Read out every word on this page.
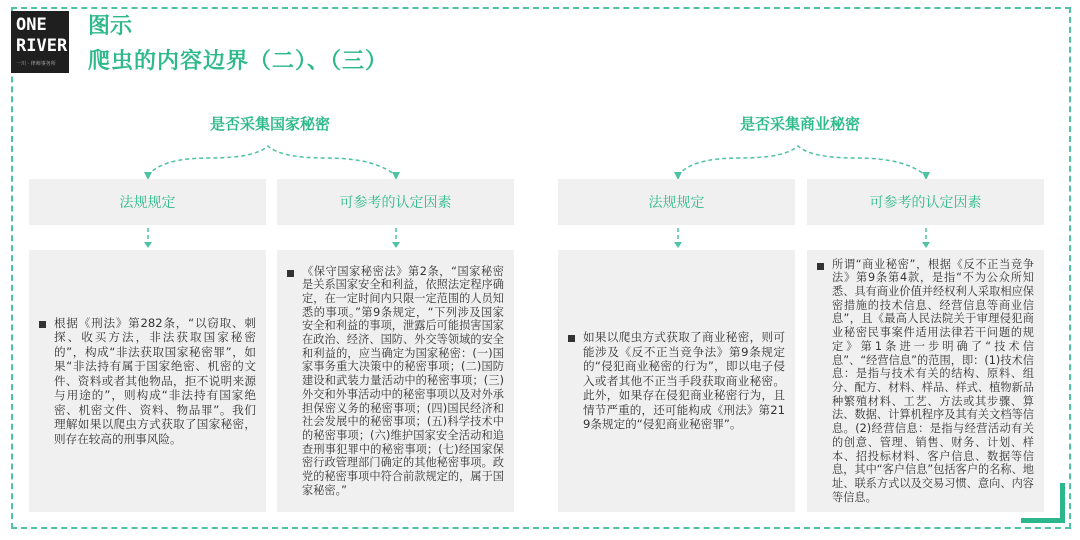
ONE
RIVER
一川 · 律师事务所
图示
爬虫的内容边界（二）、（三）
是否采集国家秘密
法规规定	可参考的认定因素
根据《刑法》第282条，“以窃取、刺探、收买方法，非法获取国家秘密的”，构成“非法获取国家秘密罪”，如果“非法持有属于国家绝密、机密的文件、资料或者其他物品，拒不说明来源与用途的”，则构成“非法持有国家绝密、机密文件、资料、物品罪”。我们理解如果以爬虫方式获取了国家秘密，则存在较高的刑事风险。
《保守国家秘密法》第2条，“国家秘密是关系国家安全和利益，依照法定程序确定，在一定时间内只限一定范围的人员知悉的事项。”第9条规定，“下列涉及国家安全和利益的事项，泄露后可能损害国家在政治、经济、国防、外交等领域的安全和利益的，应当确定为国家秘密：(一)国家事务重大决策中的秘密事项；(二)国防建设和武装力量活动中的秘密事项；(三)外交和外事活动中的秘密事项以及对外承担保密义务的秘密事项；(四)国民经济和社会发展中的秘密事项；(五)科学技术中的秘密事项；(六)维护国家安全活动和追查刑事犯罪中的秘密事项；(七)经国家保密行政管理部门确定的其他秘密事项。政党的秘密事项中符合前款规定的，属于国家秘密。”
是否采集商业秘密
法规规定	可参考的认定因素
如果以爬虫方式获取了商业秘密，则可能涉及《反不正当竞争法》第9条规定的“侵犯商业秘密的行为”，即以电子侵入或者其他不正当手段获取商业秘密。此外，如果存在侵犯商业秘密行为，且情节严重的，还可能构成《刑法》第219条规定的“侵犯商业秘密罪”。
所谓“商业秘密”，根据《反不正当竞争法》第9条第4款，是指“不为公众所知悉、具有商业价值并经权利人采取相应保密措施的技术信息、经营信息等商业信息”，且《最高人民法院关于审理侵犯商业秘密民事案件适用法律若干问题的规定》第1条进一步明确了“技术信息”、“经营信息”的范围，即：(1)技术信息：是指与技术有关的结构、原料、组分、配方、材料、样品、样式、植物新品种繁殖材料、工艺、方法或其步骤、算法、数据、计算机程序及其有关文档等信息。(2)经营信息：是指与经营活动有关的创意、管理、销售、财务、计划、样本、招投标材料、客户信息、数据等信息，其中“客户信息”包括客户的名称、地址、联系方式以及交易习惯、意向、内容等信息。
